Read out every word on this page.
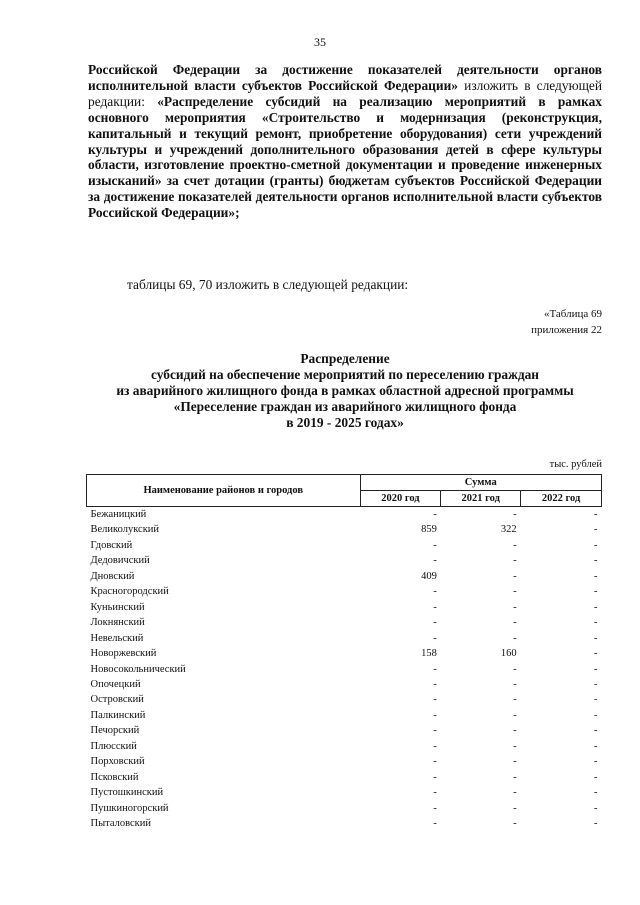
35
Российской Федерации за достижение показателей деятельности органов исполнительной власти субъектов Российской Федерации» изложить в следующей редакции: «Распределение субсидий на реализацию мероприятий в рамках основного мероприятия «Строительство и модернизация (реконструкция, капитальный и текущий ремонт, приобретение оборудования) сети учреждений культуры и учреждений дополнительного образования детей в сфере культуры области, изготовление проектно-сметной документации и проведение инженерных изысканий» за счет дотации (гранты) бюджетам субъектов Российской Федерации за достижение показателей деятельности органов исполнительной власти субъектов Российской Федерации»;
таблицы 69, 70 изложить в следующей редакции:
«Таблица 69
приложения 22
Распределение
субсидий на обеспечение мероприятий по переселению граждан
из аварийного жилищного фонда в рамках областной адресной программы
«Переселение граждан из аварийного жилищного фонда
в 2019 - 2025 годах»
тыс. рублей
Наименование районов и городов	Сумма		
	2020 год	2021 год	2022 год
Бежаницкий	-	-	-
Великолукский	859	322	-
Гдовский	-	-	-
Дедовичский	-	-	-
Дновский	409	-	-
Красногородский	-	-	-
Куньинский	-	-	-
Локнянский	-	-	-
Невельский	-	-	-
Новоржевский	158	160	-
Новосокольнический	-	-	-
Опочецкий	-	-	-
Островский	-	-	-
Палкинский	-	-	-
Печорский	-	-	-
Плюсский	-	-	-
Порховский	-	-	-
Псковский	-	-	-
Пустошкинский	-	-	-
Пушкиногорский	-	-	-
Пыталовский	-	-	-
